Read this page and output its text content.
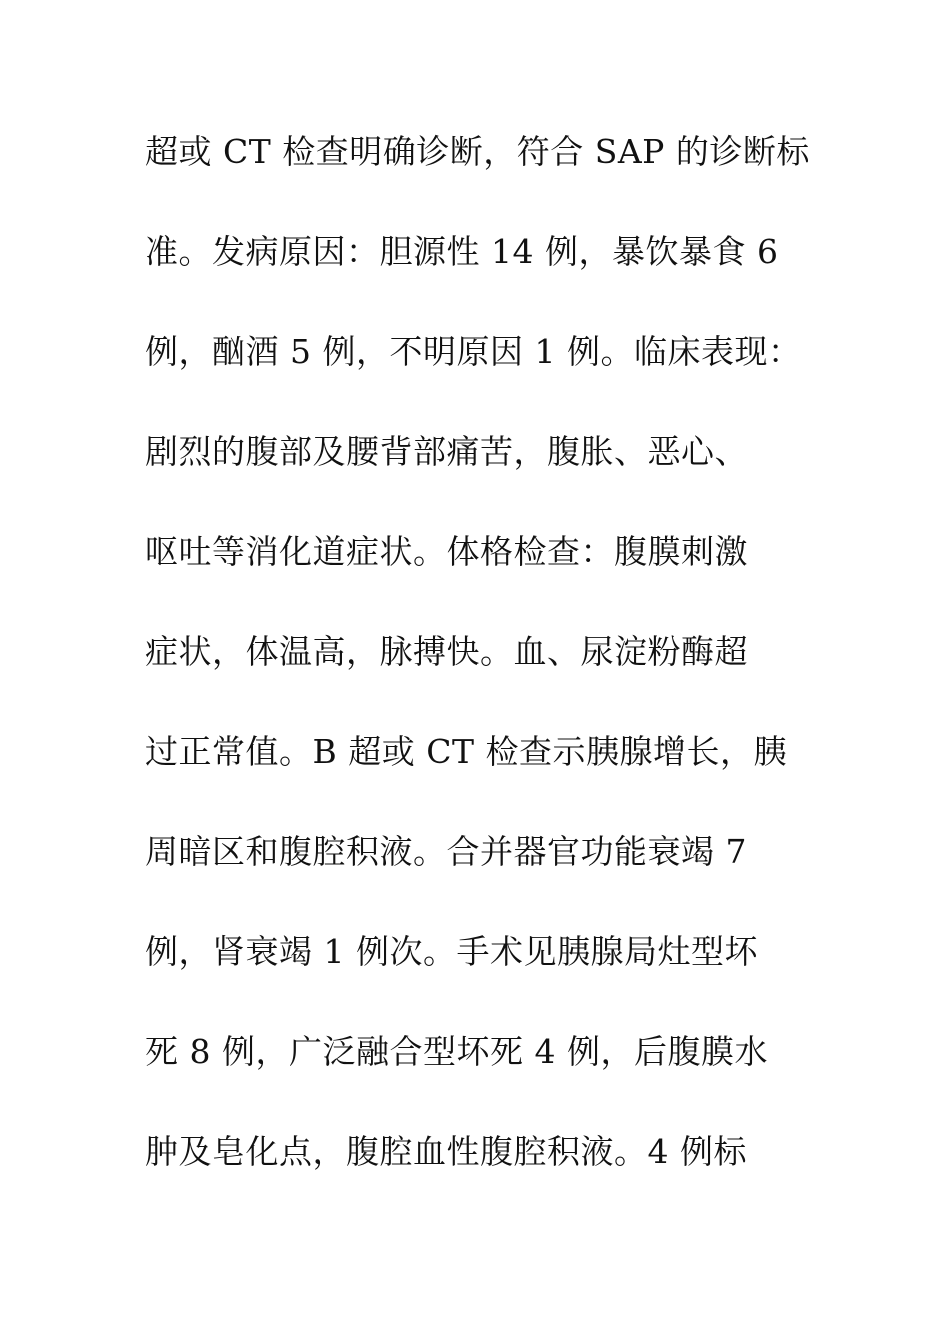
超或 CT 检查明确诊断，符合 SAP 的诊断标
准。发病原因：胆源性 14 例，暴饮暴食 6
例，酗酒 5 例，不明原因 1 例。临床表现：
剧烈的腹部及腰背部痛苦，腹胀、恶心、
呕吐等消化道症状。体格检查：腹膜刺激
症状，体温高，脉搏快。血、尿淀粉酶超
过正常值。B 超或 CT 检查示胰腺增长，胰
周暗区和腹腔积液。合并器官功能衰竭 7
例，肾衰竭 1 例次。手术见胰腺局灶型坏
死 8 例，广泛融合型坏死 4 例，后腹膜水
肿及皂化点，腹腔血性腹腔积液。4 例标
